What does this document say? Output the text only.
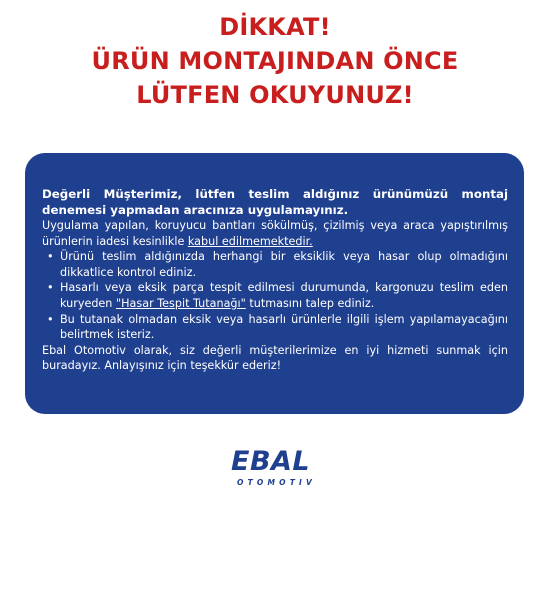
DİKKAT!
ÜRÜN MONTAJINDAN ÖNCE
LÜTFEN OKUYUNUZ!
Değerli Müşterimiz, lütfen teslim aldığınız ürünümüzü montaj denemesi yapmadan aracınıza uygulamayınız.

Uygulama yapılan, koruyucu bantları sökülmüş, çizilmiş veya araca yapıştırılmış ürünlerin iadesi kesinlikle kabul edilmemektedir.

• Ürünü teslim aldığınızda herhangi bir eksiklik veya hasar olup olmadığını dikkatlice kontrol ediniz.
• Hasarlı veya eksik parça tespit edilmesi durumunda, kargonuzu teslim eden kuryeden "Hasar Tespit Tutanağı" tutmasını talep ediniz.
• Bu tutanak olmadan eksik veya hasarlı ürünlerle ilgili işlem yapılamayacağını belirtmek isteriz.

Ebal Otomotiv olarak, siz değerli müşterilerimize en iyi hizmeti sunmak için buradayız. Anlayışınız için teşekkür ederiz!

EBAL
OTOMOTIV
